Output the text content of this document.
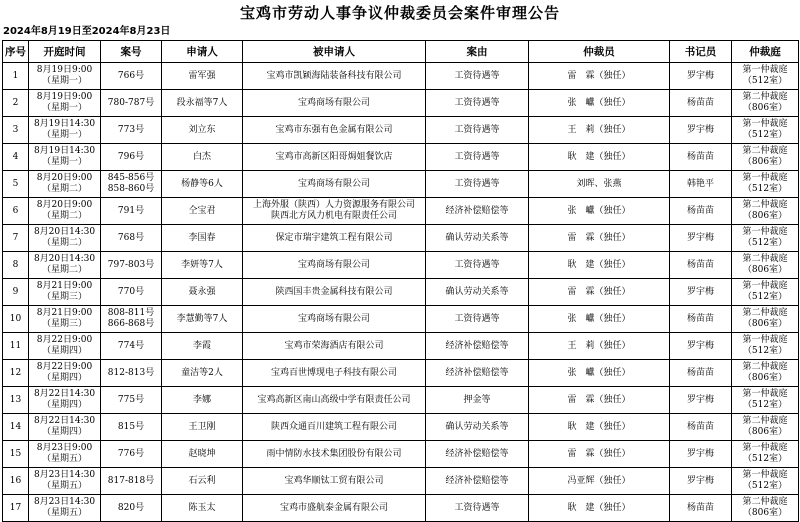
宝鸡市劳动人事争议仲裁委员会案件审理公告
2024年8月19日至2024年8月23日
序号	开庭时间	案号	申请人	被申请人	案由	仲裁员	书记员	仲裁庭
1	8月19日9:00
（星期一）	766号	雷军强	宝鸡市凯颖海陆装备科技有限公司	工资待遇等	雷　霖（独任）	罗宇梅	第一仲裁庭
（512室）

2	8月19日9:00
（星期一）	780-787号	段永福等7人	宝鸡商场有限公司	工资待遇等	张　巘（独任）	杨苗苗	第二仲裁庭
（806室）

3	8月19日14:30
（星期一）	773号	刘立东	宝鸡市东强有色金属有限公司	工资待遇等	王　莉（独任）	罗宇梅	第一仲裁庭
（512室）

4	8月19日14:30
（星期一）	796号	白杰	宝鸡市高新区阳哥焗姐餐饮店	工资待遇等	耿　建（独任）	杨苗苗	第二仲裁庭
（806室）

5	8月20日9:00
（星期二）	845-856号
858-860号	杨静等6人	宝鸡商场有限公司	工资待遇等	刘晖、张燕	韩艳平	第一仲裁庭
（512室）

6	8月20日9:00
（星期二）	791号	仝宝君	上海外服（陕西）人力资源服务有限公司
陕西北方风力机电有限责任公司	经济补偿赔偿等	张　巘（独任）	杨苗苗	第二仲裁庭
（806室）

7	8月20日14:30
（星期二）	768号	李国春	保定市瑞宇建筑工程有限公司	确认劳动关系等	雷　霖（独任）	罗宇梅	第一仲裁庭
（512室）

8	8月20日14:30
（星期二）	797-803号	李妍等7人	宝鸡商场有限公司	工资待遇等	耿　建（独任）	杨苗苗	第二仲裁庭
（806室）

9	8月21日9:00
（星期三）	770号	聂永强	陕西国丰贵金属科技有限公司	确认劳动关系等	雷　霖（独任）	罗宇梅	第一仲裁庭
（512室）

10	8月21日9:00
（星期三）	808-811号
866-868号	李慧勤等7人	宝鸡商场有限公司	工资待遇等	张　巘（独任）	杨苗苗	第二仲裁庭
（806室）

11	8月22日9:00
（星期四）	774号	李霞	宝鸡市荣海酒店有限公司	经济补偿赔偿等	王　莉（独任）	罗宇梅	第一仲裁庭
（512室）

12	8月22日9:00
（星期四）	812-813号	童洁等2人	宝鸡百世博现电子科技有限公司	经济补偿赔偿等	张　巘（独任）	杨苗苗	第二仲裁庭
（806室）

13	8月22日14:30
（星期四）	775号	李娜	宝鸡高新区南山高级中学有限责任公司	押金等	雷　霖（独任）	罗宇梅	第一仲裁庭
（512室）

14	8月22日14:30
（星期四）	815号	王卫刚	陕西众通百川建筑工程有限公司	确认劳动关系等	耿　建（独任）	杨苗苗	第二仲裁庭
（806室）

15	8月23日9:00
（星期五）	776号	赵晓坤	雨中情防水技术集团股份有限公司	经济补偿赔偿等	雷　霖（独任）	罗宇梅	第一仲裁庭
（512室）

16	8月23日14:30
（星期五）	817-818号	石云利	宝鸡华顺钛工贸有限公司	经济补偿赔偿等	冯亚辉（独任）	罗宇梅	第一仲裁庭
（512室）

17	8月23日14:30
（星期五）	820号	陈玉太	宝鸡市盛航泰金属有限公司	工资待遇等	耿　建（独任）	杨苗苗	第二仲裁庭
（806室）
